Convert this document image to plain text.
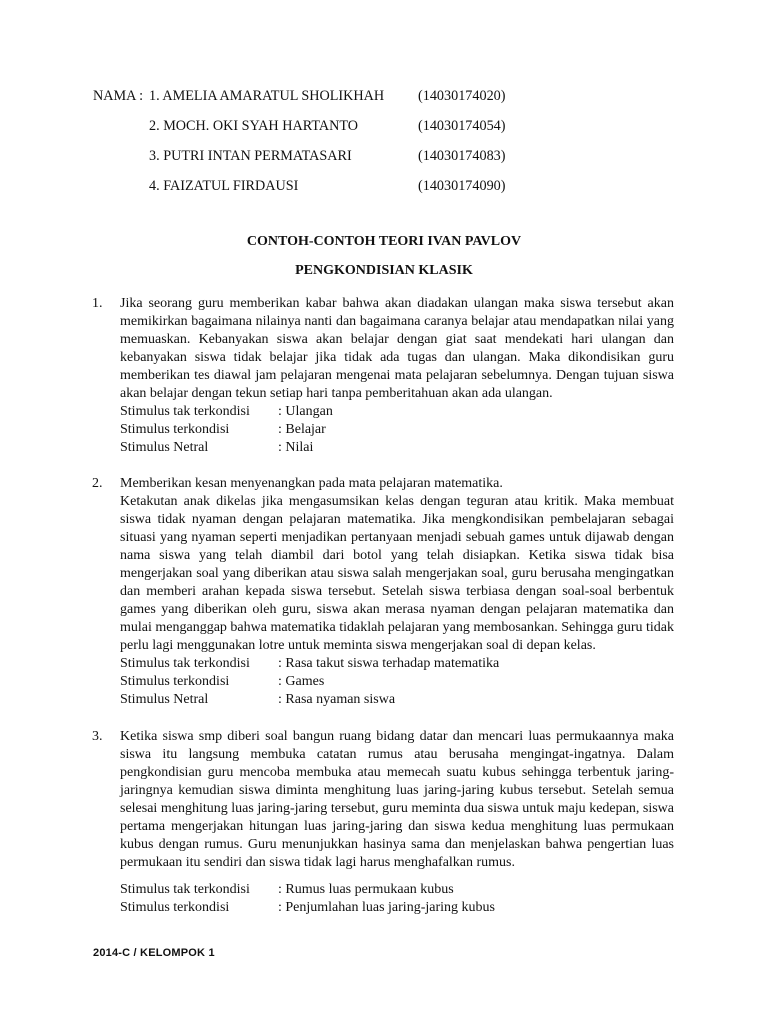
NAMA : 1. AMELIA AMARATUL SHOLIKHAH (14030174020)
2. MOCH. OKI SYAH HARTANTO	(14030174054)
3. PUTRI INTAN PERMATASARI	(14030174083)
4. FAIZATUL FIRDAUSI	(14030174090)
CONTOH-CONTOH TEORI IVAN PAVLOV
PENGKONDISIAN KLASIK
1. Jika seorang guru memberikan kabar bahwa akan diadakan ulangan maka siswa tersebut akan memikirkan bagaimana nilainya nanti dan bagaimana caranya belajar atau mendapatkan nilai yang memuaskan. Kebanyakan siswa akan belajar dengan giat saat mendekati hari ulangan dan kebanyakan siswa tidak belajar jika tidak ada tugas dan ulangan. Maka dikondisikan guru memberikan tes diawal jam pelajaran mengenai mata pelajaran sebelumnya. Dengan tujuan siswa akan belajar dengan tekun setiap hari tanpa pemberitahuan akan ada ulangan.

Stimulus tak terkondisi	: Ulangan
Stimulus terkondisi	: Belajar
Stimulus Netral	: Nilai
2. Memberikan kesan menyenangkan pada mata pelajaran matematika.

Ketakutan anak dikelas jika mengasumsikan kelas dengan teguran atau kritik. Maka membuat siswa tidak nyaman dengan pelajaran matematika. Jika mengkondisikan pembelajaran sebagai situasi yang nyaman seperti menjadikan pertanyaan menjadi sebuah games untuk dijawab dengan nama siswa yang telah diambil dari botol yang telah disiapkan. Ketika siswa tidak bisa mengerjakan soal yang diberikan atau siswa salah mengerjakan soal, guru berusaha mengingatkan dan memberi arahan kepada siswa tersebut. Setelah siswa terbiasa dengan soal-soal berbentuk games yang diberikan oleh guru, siswa akan merasa nyaman dengan pelajaran matematika dan mulai menganggap bahwa matematika tidaklah pelajaran yang membosankan. Sehingga guru tidak perlu lagi menggunakan lotre untuk meminta siswa mengerjakan soal di depan kelas.

Stimulus tak terkondisi	: Rasa takut siswa terhadap matematika
Stimulus terkondisi	: Games
Stimulus Netral	: Rasa nyaman siswa
3. Ketika siswa smp diberi soal bangun ruang bidang datar dan mencari luas permukaannya maka siswa itu langsung membuka catatan rumus atau berusaha mengingat-ingatnya. Dalam pengkondisian guru mencoba membuka atau memecah suatu kubus sehingga terbentuk jaring-jaringnya kemudian siswa diminta menghitung luas jaring-jaring kubus tersebut. Setelah semua selesai menghitung luas jaring-jaring tersebut, guru meminta dua siswa untuk maju kedepan, siswa pertama mengerjakan hitungan luas jaring-jaring dan siswa kedua menghitung luas permukaan kubus dengan rumus. Guru menunjukkan hasinya sama dan menjelaskan bahwa pengertian luas permukaan itu sendiri dan siswa tidak lagi harus menghafalkan rumus.

Stimulus tak terkondisi	: Rumus luas permukaan kubus
Stimulus terkondisi	: Penjumlahan luas jaring-jaring kubus
2014-C / KELOMPOK 1
